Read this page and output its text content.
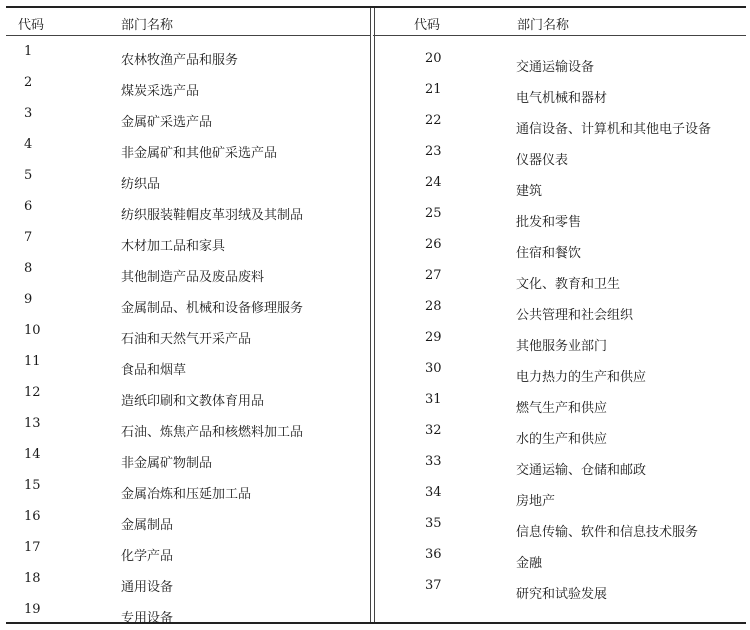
代码	部门名称
1
农林牧渔产品和服务
2
煤炭采选产品
3
金属矿采选产品
4
非金属矿和其他矿采选产品
5
纺织品
6
纺织服装鞋帽皮革羽绒及其制品
7
木材加工品和家具
8
其他制造产品及废品废料
9
金属制品、机械和设备修理服务
10
石油和天然气开采产品
11
食品和烟草
12
造纸印刷和文教体育用品
13
石油、炼焦产品和核燃料加工品
14
非金属矿物制品
15
金属冶炼和压延加工品
16
金属制品
17
化学产品
18
通用设备
19
专用设备
代码	部门名称
20
交通运输设备
21
电气机械和器材
22
通信设备、计算机和其他电子设备
23
仪器仪表
24
建筑
25
批发和零售
26
住宿和餐饮
27
文化、教育和卫生
28
公共管理和社会组织
29
其他服务业部门
30
电力热力的生产和供应
31
燃气生产和供应
32
水的生产和供应
33
交通运输、仓储和邮政
34
房地产
35
信息传输、软件和信息技术服务
36
金融
37
研究和试验发展
